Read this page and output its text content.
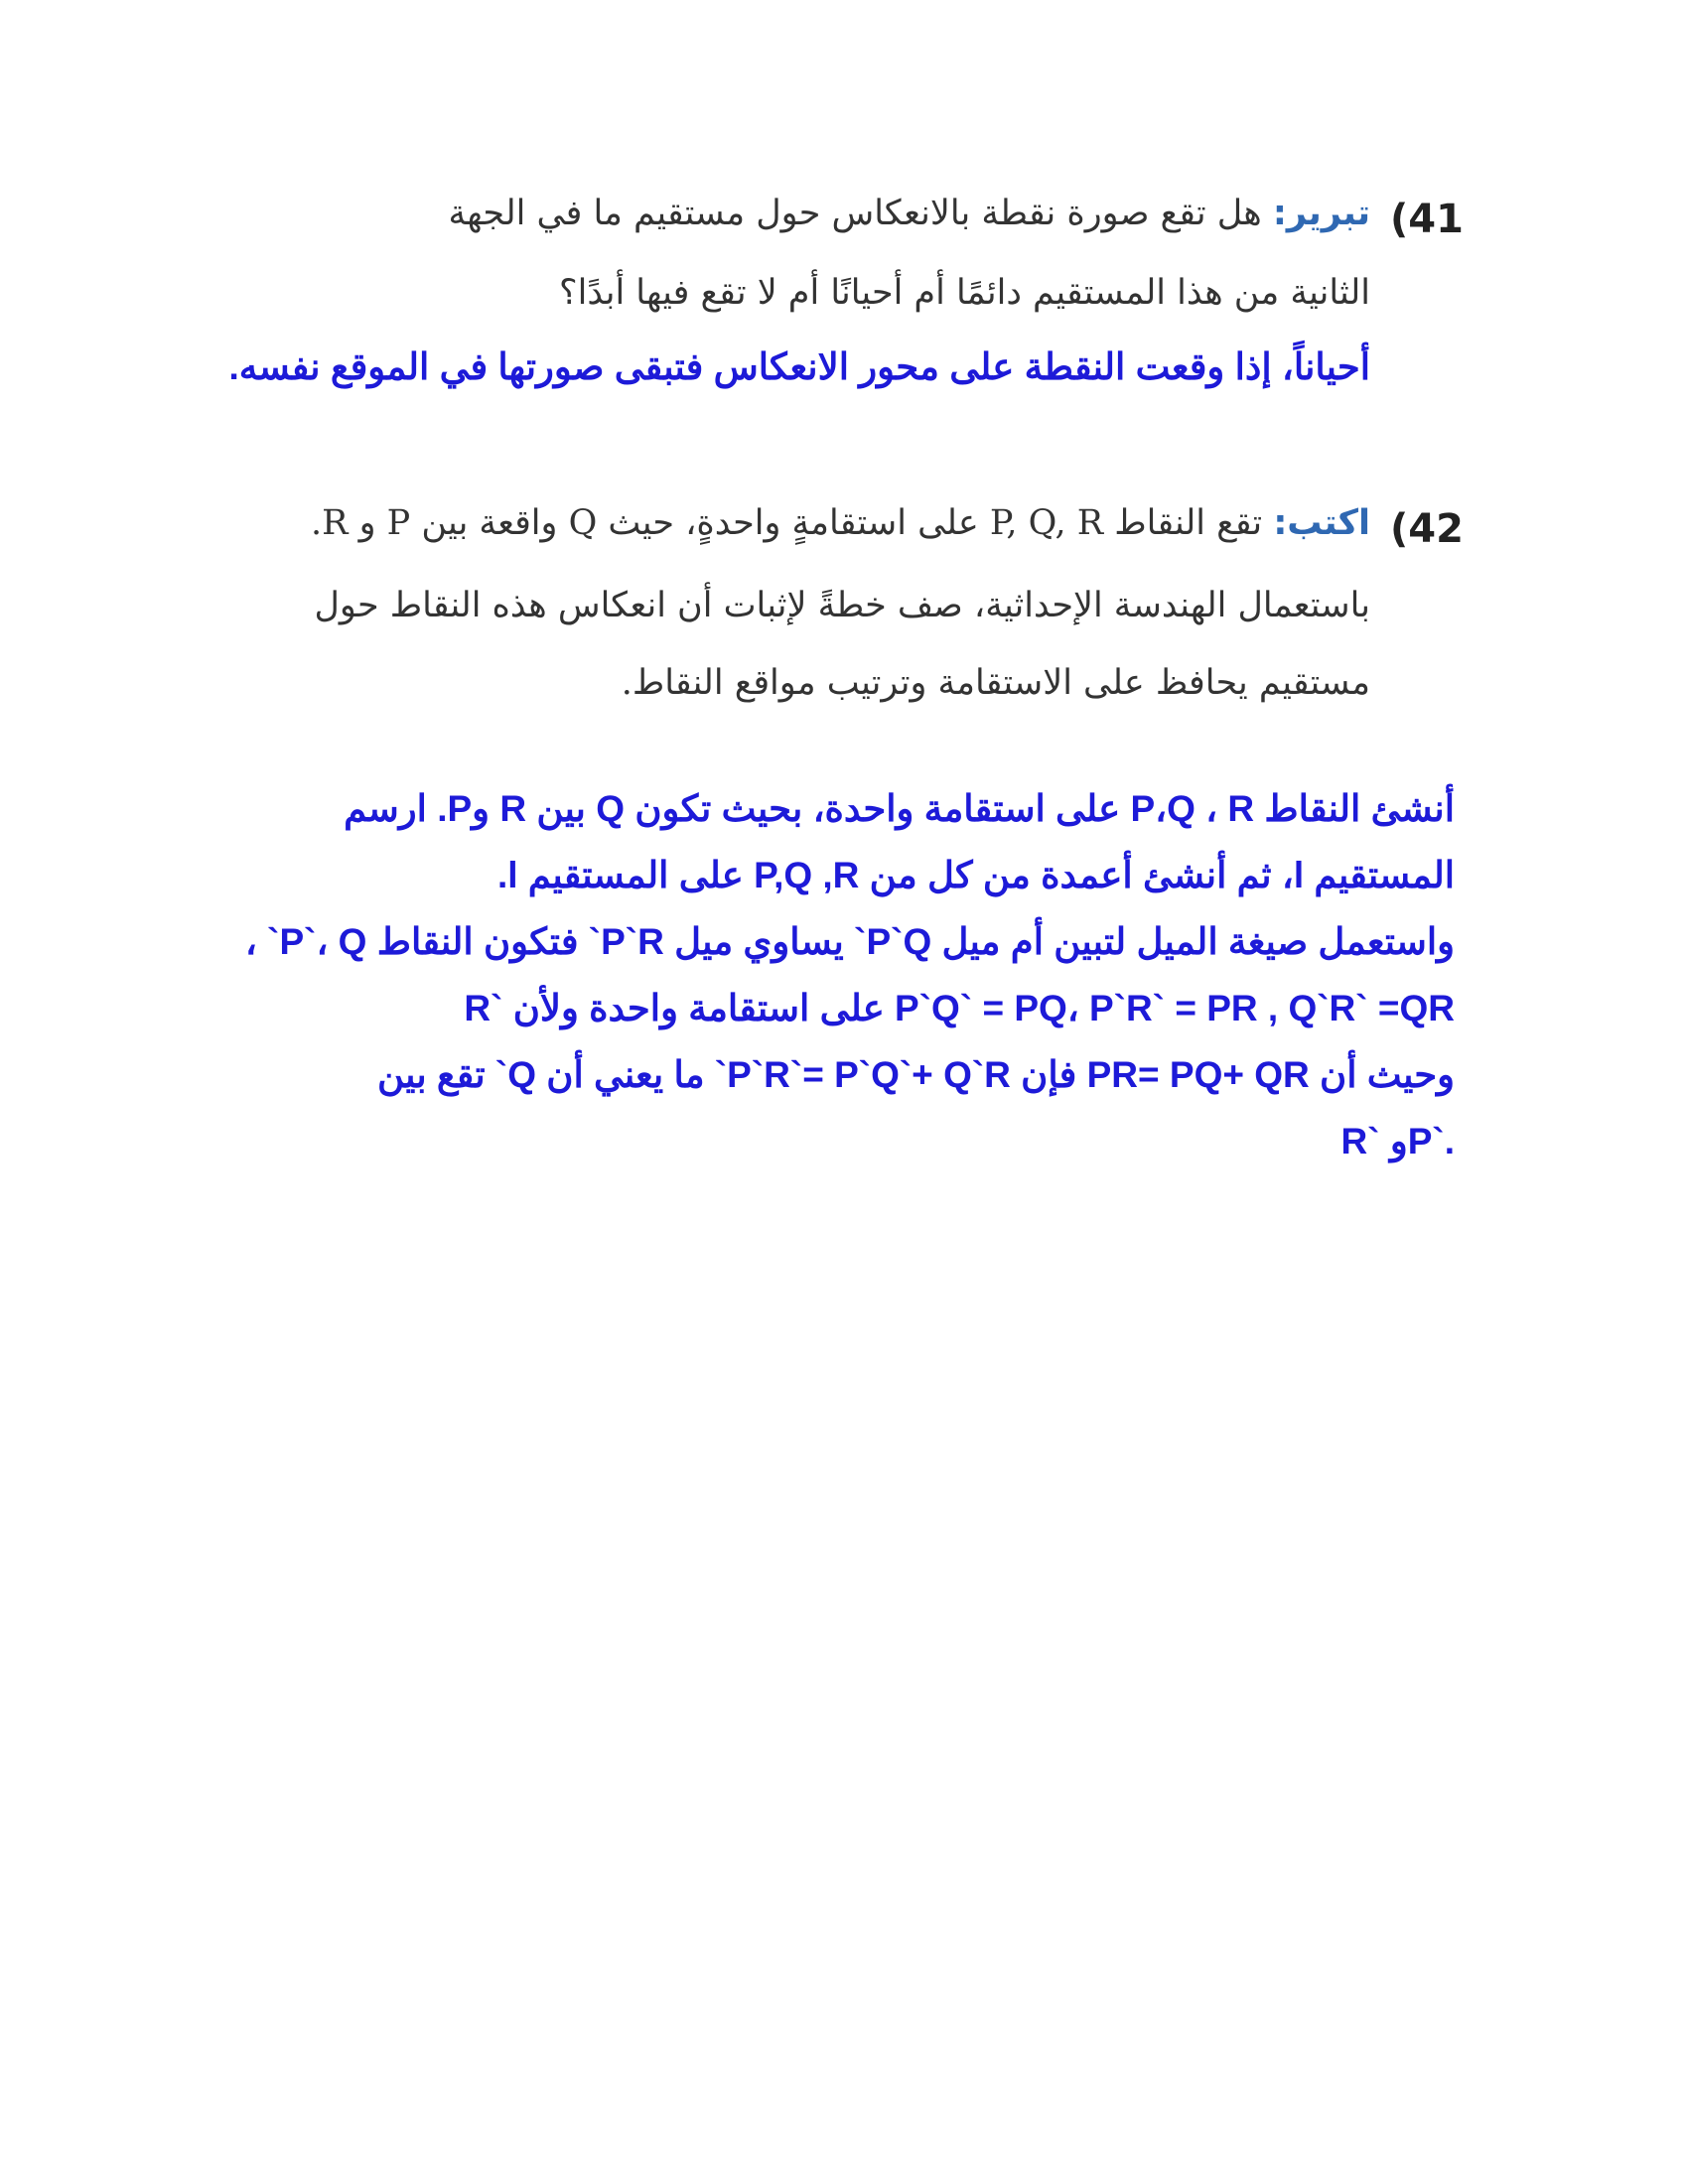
(41
تبرير: هل تقع صورة نقطة بالانعكاس حول مستقيم ما في الجهة
الثانية من هذا المستقيم دائمًا أم أحيانًا أم لا تقع فيها أبدًا؟
أحياناً، إذا وقعت النقطة على محور الانعكاس فتبقى صورتها في الموقع نفسه.
(42
اكتب: تقع النقاط P, Q, R على استقامةٍ واحدةٍ، حيث Q واقعة بين P و R.
باستعمال الهندسة الإحداثية، صف خطةً لإثبات أن انعكاس هذه النقاط حول
مستقيم يحافظ على الاستقامة وترتيب مواقع النقاط.
أنشئ النقاط P،Q ، R على استقامة واحدة، بحيث تكون Q بين R وP. ارسم
المستقيم l، ثم أنشئ أعمدة من كل من P,Q ,R على المستقيم l.
واستعمل صيغة الميل لتبين أم ميل P`Q` يساوي ميل P`R` فتكون النقاط P`، Q` ،
R` على استقامة واحدة ولأن P`Q` = PQ، P`R` = PR , Q`R` =QR
وحيث أن PR= PQ+ QR فإن P`R`= P`Q`+ Q`R` ما يعني أن Q` تقع بين
R` وP`.
